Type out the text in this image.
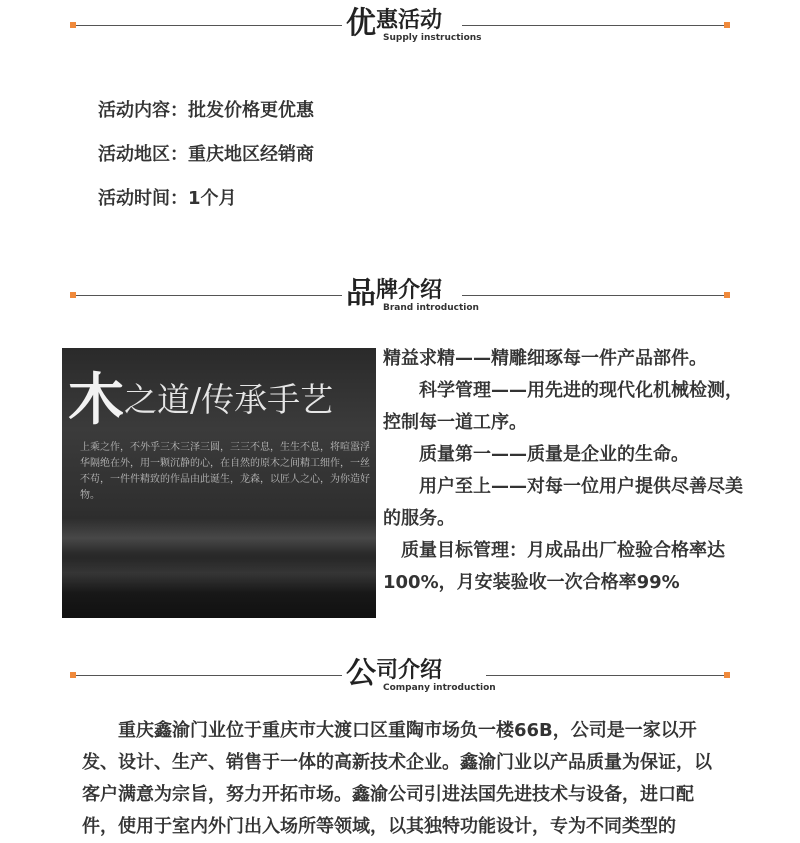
优惠活动
Supply instructions
活动内容：批发价格更优惠
活动地区：重庆地区经销商
活动时间：1个月
品牌介绍
Brand introduction
木之道/传承手艺
上乘之作，不外乎三木三泽三圆，三三不息，生生不息，将喧嚣浮华隔绝在外，用一颗沉静的心，在自然的原木之间精工细作，一丝不苟，一件件精致的作品由此诞生，龙森，以匠人之心，为你造好物。

精益求精——精雕细琢每一件产品部件。

　　科学管理——用先进的现代化机械检测，控制每一道工序。

　　质量第一——质量是企业的生命。

　　用户至上——对每一位用户提供尽善尽美的服务。

　质量目标管理：月成品出厂检验合格率达100%，月安装验收一次合格率99%

公司介绍
Company introduction
重庆鑫渝门业位于重庆市大渡口区重陶市场负一楼66B，公司是一家以开发、设计、生产、销售于一体的高新技术企业。鑫渝门业以产品质量为保证，以客户满意为宗旨，努力开拓市场。鑫渝公司引进法国先进技术与设备，进口配件，使用于室内外门出入场所等领域，以其独特功能设计，专为不同类型的
